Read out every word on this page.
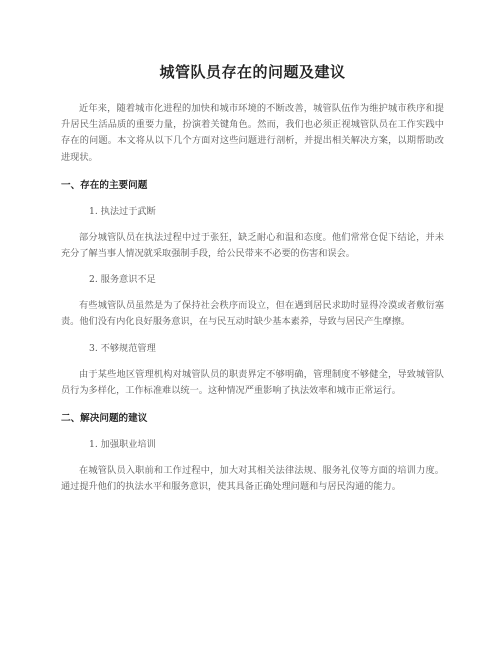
城管队员存在的问题及建议

近年来，随着城市化进程的加快和城市环境的不断改善，城管队伍作为维护城市秩序和提升居民生活品质的重要力量，扮演着关键角色。然而，我们也必须正视城管队员在工作实践中存在的问题。本文将从以下几个方面对这些问题进行剖析，并提出相关解决方案，以期帮助改进现状。

一、存在的主要问题
1. 执法过于武断

部分城管队员在执法过程中过于张狂，缺乏耐心和温和态度。他们常常仓促下结论，并未充分了解当事人情况就采取强制手段，给公民带来不必要的伤害和误会。

2. 服务意识不足

有些城管队员虽然是为了保持社会秩序而设立，但在遇到居民求助时显得冷漠或者敷衍塞责。他们没有内化良好服务意识，在与民互动时缺少基本素养，导致与居民产生摩擦。

3. 不够规范管理

由于某些地区管理机构对城管队员的职责界定不够明确，管理制度不够健全，导致城管队员行为多样化，工作标准难以统一。这种情况严重影响了执法效率和城市正常运行。

二、解决问题的建议
1. 加强职业培训

在城管队员入职前和工作过程中，加大对其相关法律法规、服务礼仪等方面的培训力度。通过提升他们的执法水平和服务意识，使其具备正确处理问题和与居民沟通的能力。
